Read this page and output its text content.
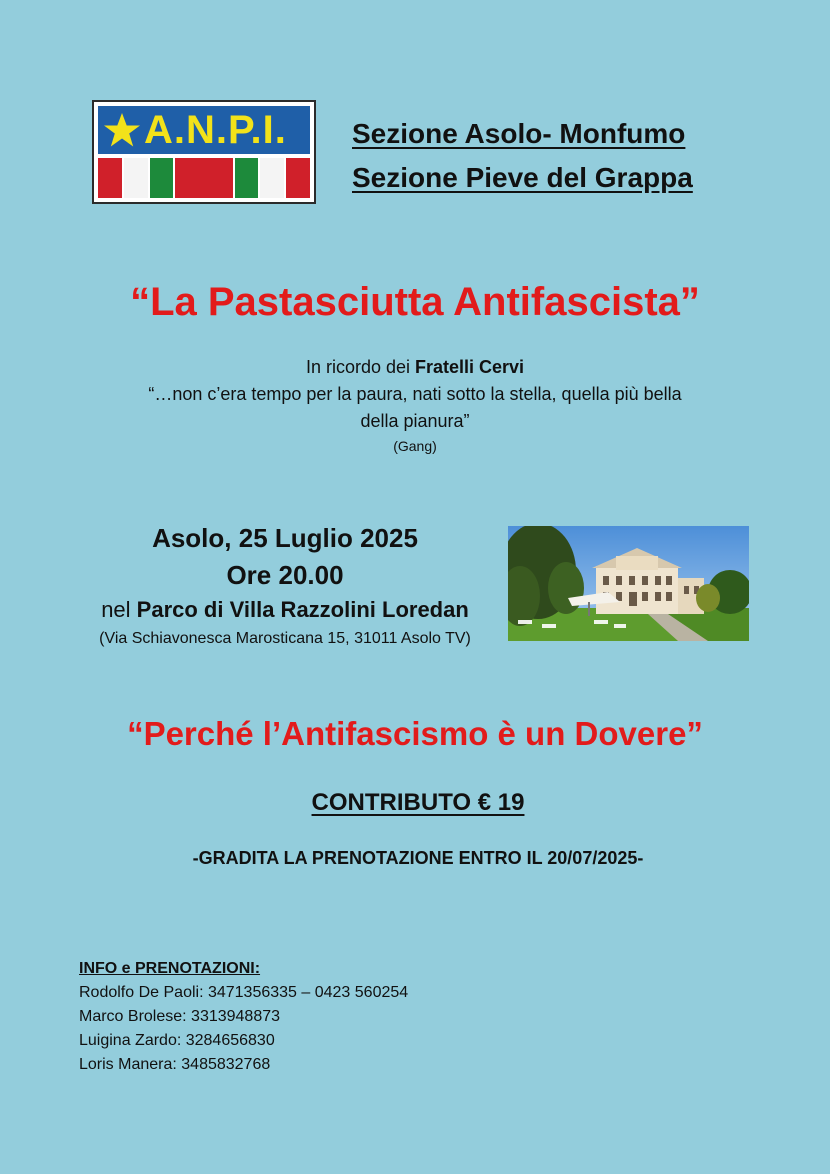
A.N.P.I. Sezione Asolo- Monfumo
Sezione Pieve del Grappa
“La Pastasciutta Antifascista”
In ricordo dei Fratelli Cervi
“…non c’era tempo per la paura, nati sotto la stella, quella più bella
della pianura”
(Gang)
Asolo, 25 Luglio 2025
Ore 20.00
nel Parco di Villa Razzolini Loredan
(Via Schiavonesca Marosticana 15, 31011 Asolo TV)
“Perché l’Antifascismo è un Dovere”
CONTRIBUTO € 19
-GRADITA LA PRENOTAZIONE ENTRO IL 20/07/2025-
INFO e PRENOTAZIONI:
Rodolfo De Paoli: 3471356335 – 0423 560254
Marco Brolese: 3313948873
Luigina Zardo: 3284656830
Loris Manera: 3485832768
